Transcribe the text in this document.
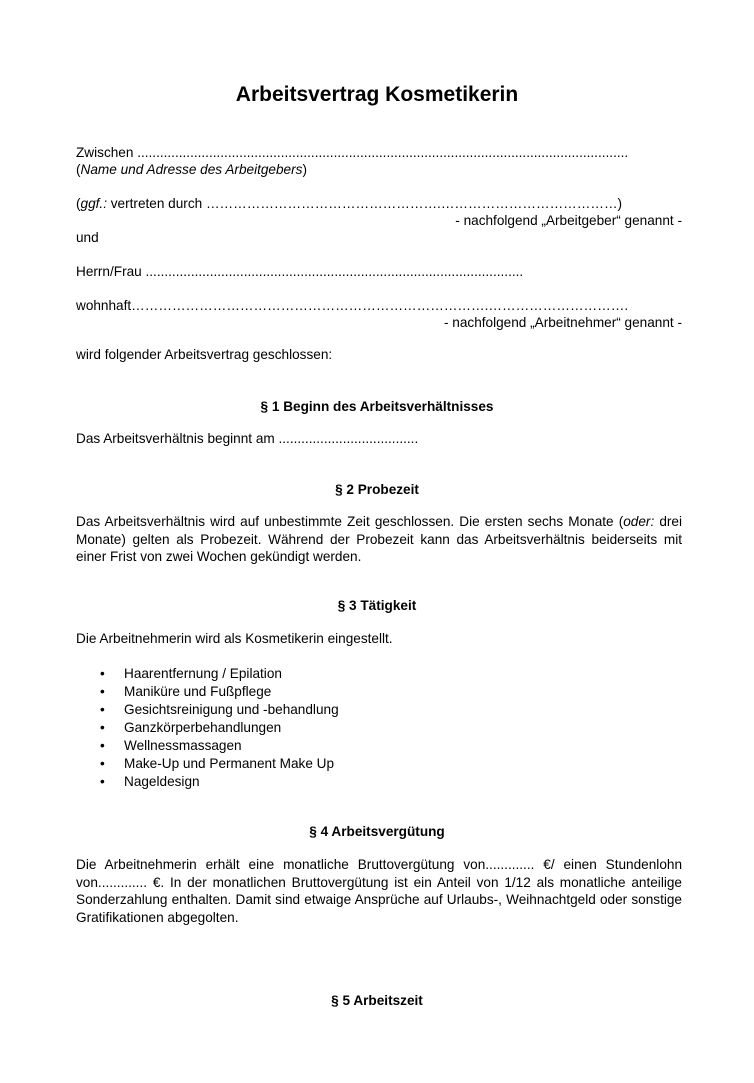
Arbeitsvertrag Kosmetikerin

Zwischen ..................................................................................................................................

(Name und Adresse des Arbeitgebers)

(ggf.: vertreten durch …………………………………………….…………………………………)

- nachfolgend „Arbeitgeber“ genannt -

und

Herrn/Frau ....................................................................................................

wohnhaft…………………………………………………………………….………………………….

- nachfolgend „Arbeitnehmer“ genannt -

wird folgender Arbeitsvertrag geschlossen:

§ 1 Beginn des Arbeitsverhältnisses

Das Arbeitsverhältnis beginnt am .....................................

§ 2 Probezeit

Das Arbeitsverhältnis wird auf unbestimmte Zeit geschlossen. Die ersten sechs Monate (oder: drei Monate) gelten als Probezeit. Während der Probezeit kann das Arbeitsverhältnis beiderseits mit einer Frist von zwei Wochen gekündigt werden.

§ 3 Tätigkeit

Die Arbeitnehmerin wird als Kosmetikerin eingestellt.

• Haarentfernung / Epilation
• Maniküre und Fußpflege
• Gesichtsreinigung und -behandlung
• Ganzkörperbehandlungen
• Wellnessmassagen
• Make-Up und Permanent Make Up
• Nageldesign
§ 4 Arbeitsvergütung

Die Arbeitnehmerin erhält eine monatliche Bruttovergütung von............. €/ einen Stundenlohn von............. €. In der monatlichen Bruttovergütung ist ein Anteil von 1/12 als monatliche anteilige Sonderzahlung enthalten. Damit sind etwaige Ansprüche auf Urlaubs-, Weihnachtgeld oder sonstige Gratifikationen abgegolten.

§ 5 Arbeitszeit
